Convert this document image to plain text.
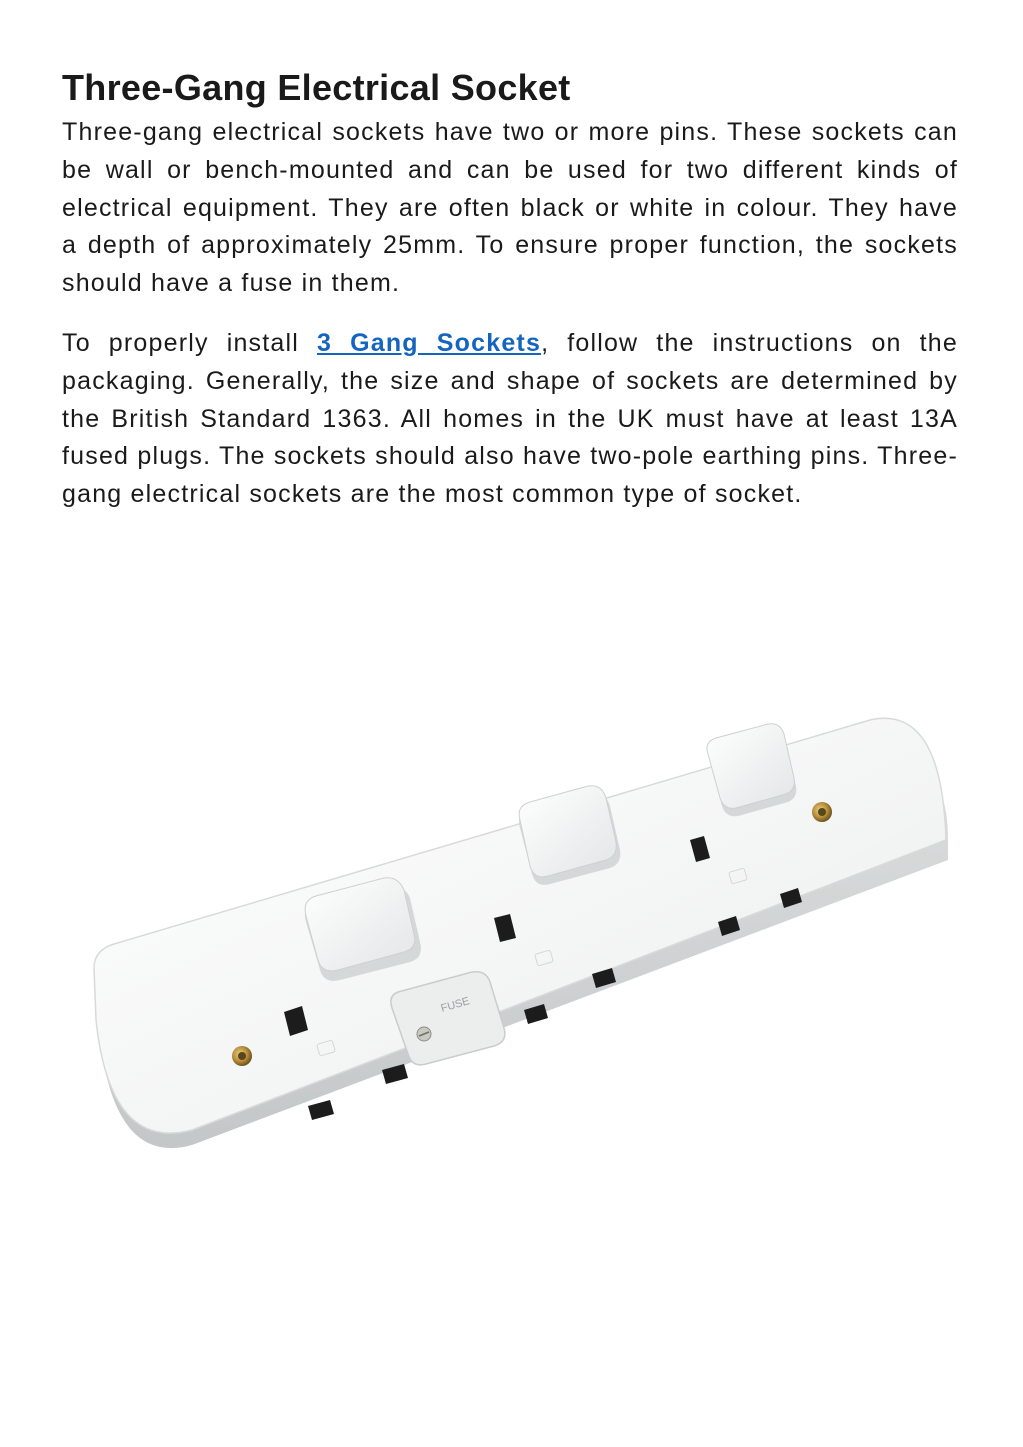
Three-Gang Electrical Socket

Three-gang electrical sockets have two or more pins. These sockets can be wall or bench-mounted and can be used for two different kinds of electrical equipment. They are often black or white in colour. They have a depth of approximately 25mm. To ensure proper function, the sockets should have a fuse in them.

To properly install 3 Gang Sockets, follow the instructions on the packaging. Generally, the size and shape of sockets are determined by the British Standard 1363. All homes in the UK must have at least 13A fused plugs. The sockets should also have two-pole earthing pins. Three-gang electrical sockets are the most common type of socket.

FUSE
